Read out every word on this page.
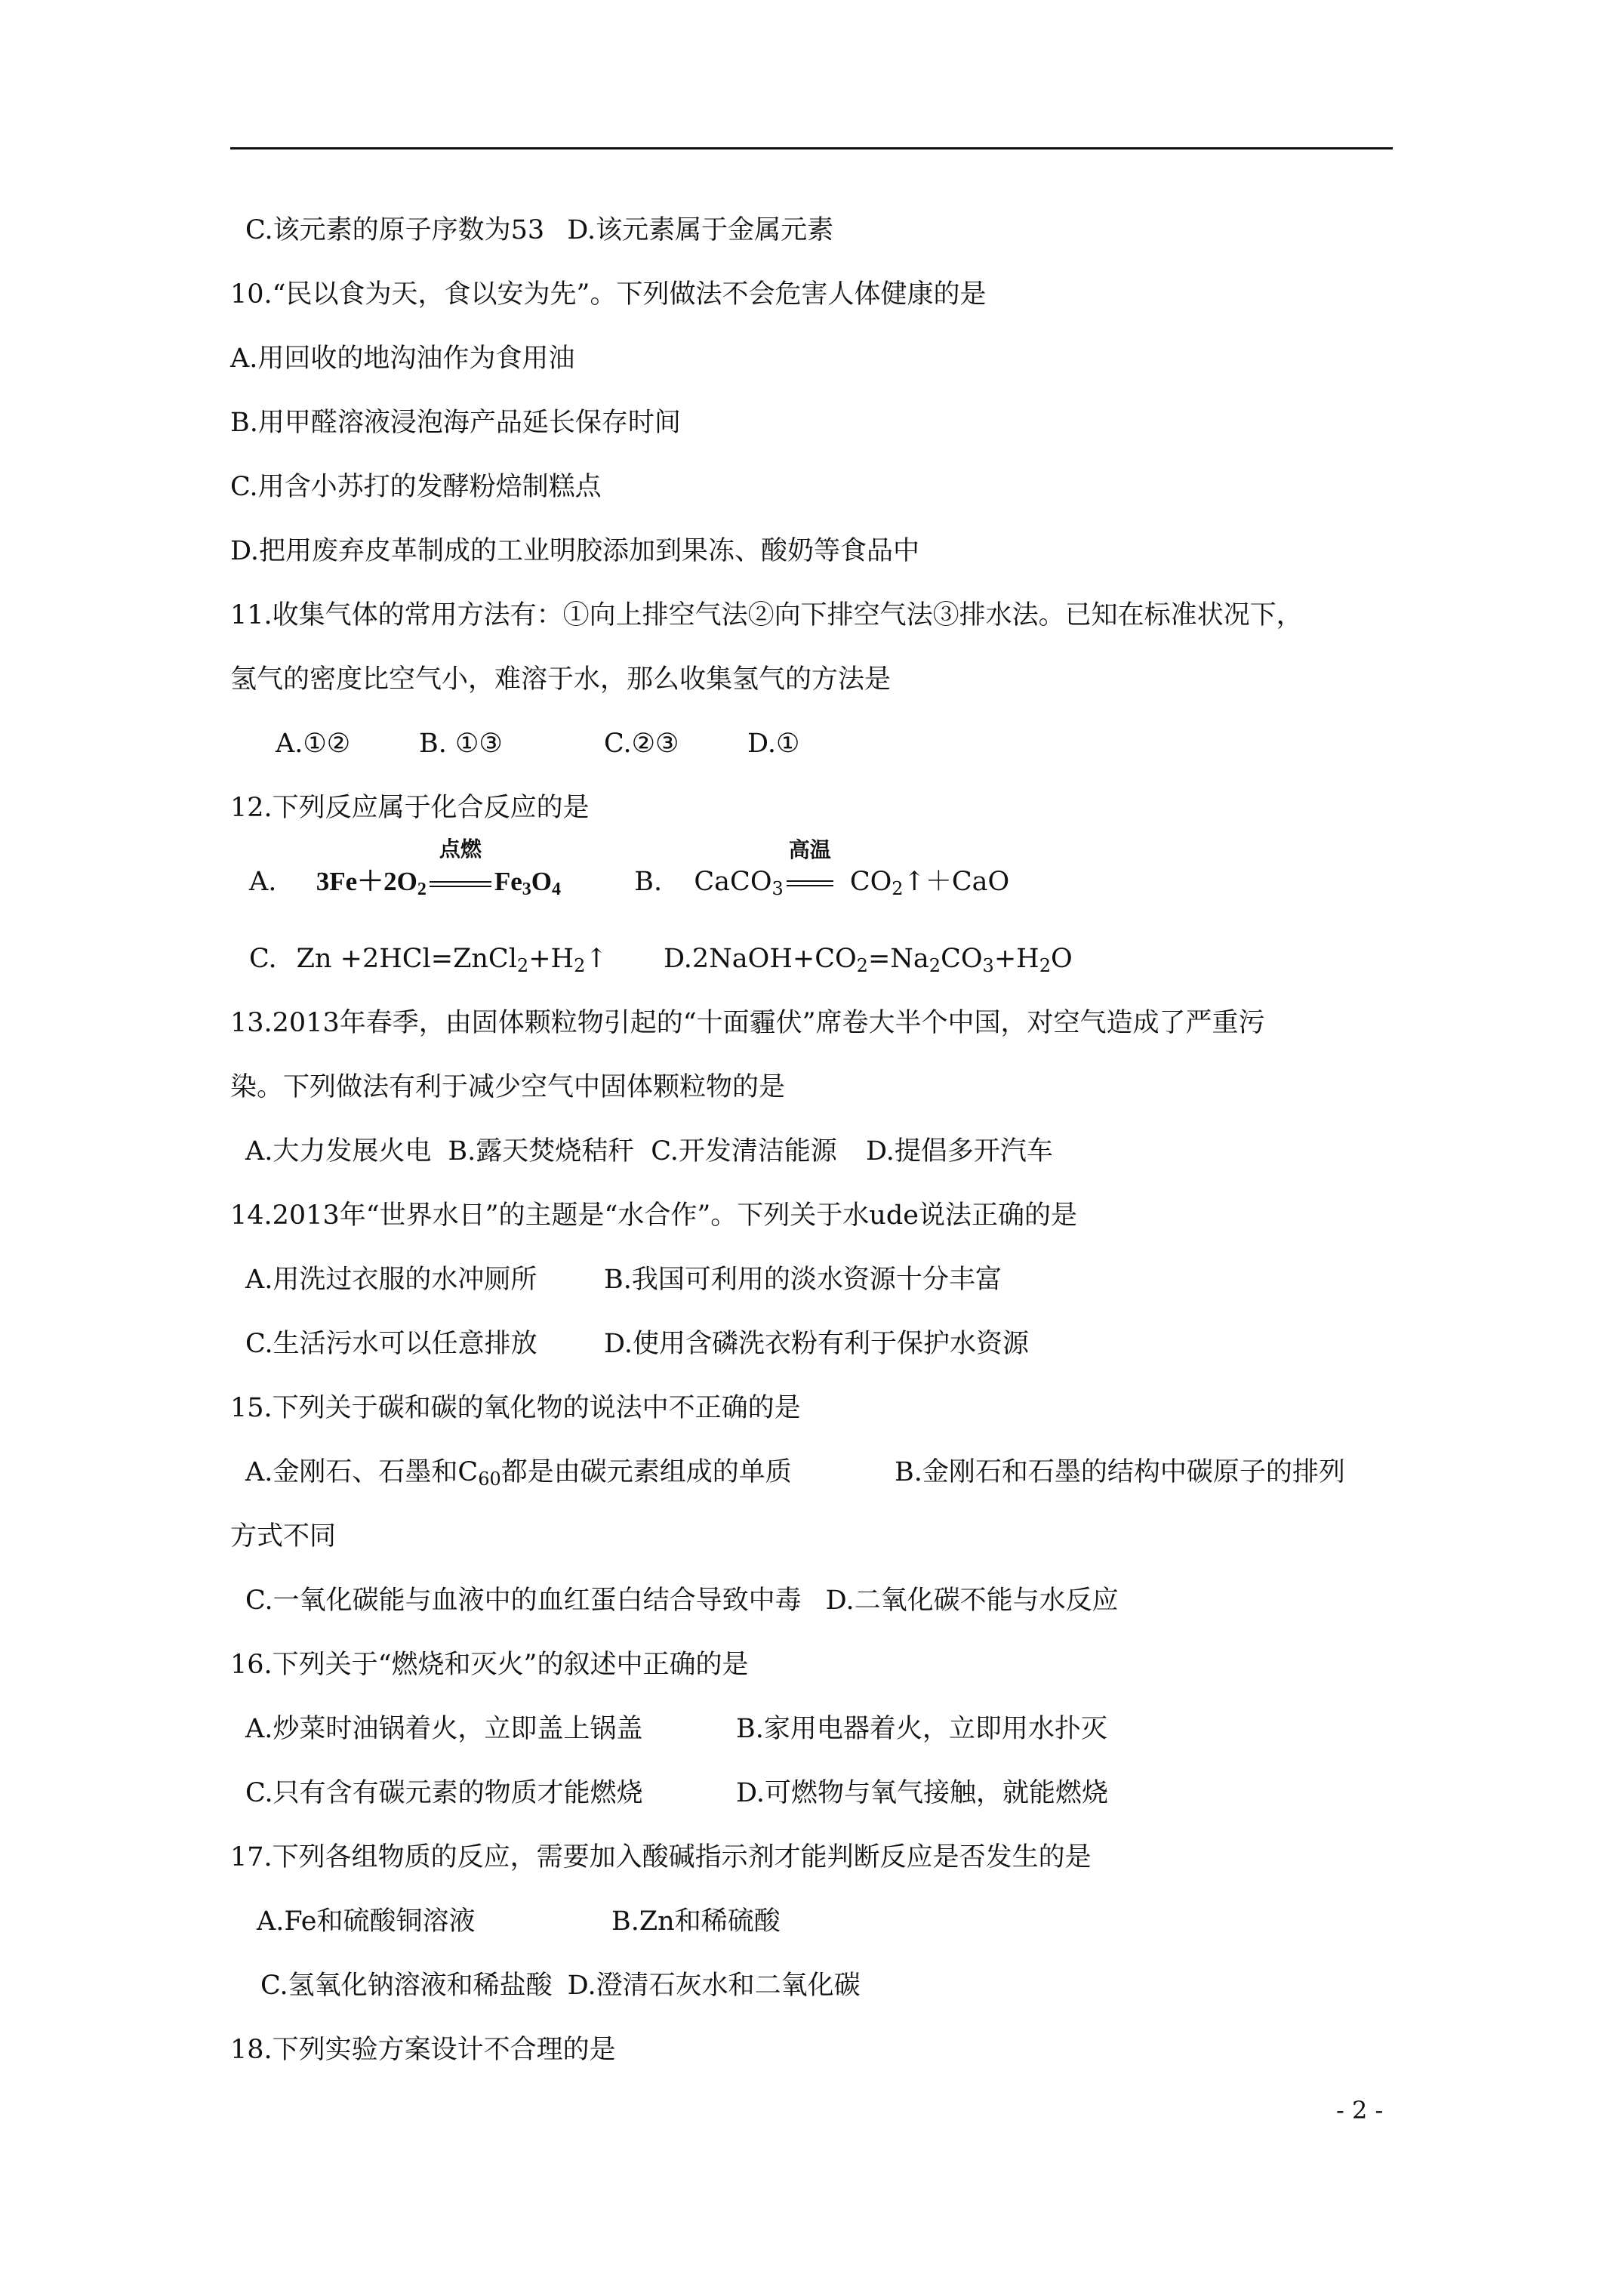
C.该元素的原子序数为53 D.该元素属于金属元素
10.“民以食为天，食以安为先”。下列做法不会危害人体健康的是
A.用回收的地沟油作为食用油
B.用甲醛溶液浸泡海产品延长保存时间
C.用含小苏打的发酵粉焙制糕点
D.把用废弃皮革制成的工业明胶添加到果冻、酸奶等食品中
11.收集气体的常用方法有：①向上排空气法②向下排空气法③排水法。已知在标准状况下，
氢气的密度比空气小，难溶于水，那么收集氢气的方法是
A.①②	B. ①③	C.②③	D.①
12.下列反应属于化合反应的是
A. $3Fe+2O_2$
点燃
$Fe_3O_4$	B. CaCO$_3$
高温
$CO_2↑+CaO$
C. $Zn +2HCl=ZnCl_2+H_2↑$ $D.2NaOH+CO_2=Na_2CO_3+H_2O$
13.2013年春季，由固体颗粒物引起的“十面霾伏”席卷大半个中国，对空气造成了严重污
染。下列做法有利于减少空气中固体颗粒物的是
A.大力发展火电 B.露天焚烧秸秆 C.开发清洁能源 D.提倡多开汽车
14.2013年“世界水日”的主题是“水合作”。下列关于水ude说法正确的是
A.用洗过衣服的水冲厕所	B.我国可利用的淡水资源十分丰富
C.生活污水可以任意排放	D.使用含磷洗衣粉有利于保护水资源
15.下列关于碳和碳的氧化物的说法中不正确的是
A.金刚石、石墨和$C_{60}$都是由碳元素组成的单质	B.金刚石和石墨的结构中碳原子的排列
方式不同
C.一氧化碳能与血液中的血红蛋白结合导致中毒 D.二氧化碳不能与水反应
16.下列关于“燃烧和灭火”的叙述中正确的是
A.炒菜时油锅着火，立即盖上锅盖	B.家用电器着火，立即用水扑灭
C.只有含有碳元素的物质才能燃烧	D.可燃物与氧气接触，就能燃烧
17.下列各组物质的反应，需要加入酸碱指示剂才能判断反应是否发生的是
A.Fe和硫酸铜溶液	B.Zn和稀硫酸
C.氢氧化钠溶液和稀盐酸 D.澄清石灰水和二氧化碳
18.下列实验方案设计不合理的是
- 2 -
